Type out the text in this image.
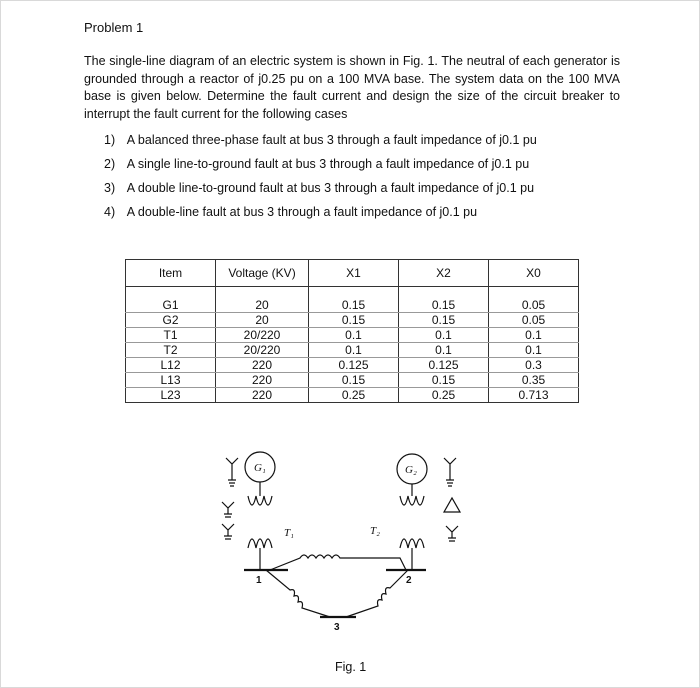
Problem 1
The single-line diagram of an electric system is shown in Fig. 1. The neutral of each generator is grounded through a reactor of j0.25 pu on a 100 MVA base. The system data on the 100 MVA base is given below. Determine the fault current and design the size of the circuit breaker to interrupt the fault current for the following cases
1) A balanced three-phase fault at bus 3 through a fault impedance of j0.1 pu
2) A single line-to-ground fault at bus 3 through a fault impedance of j0.1 pu
3) A double line-to-ground fault at bus 3 through a fault impedance of j0.1 pu
4) A double-line fault at bus 3 through a fault impedance of j0.1 pu
Item	Voltage (KV)	X1	X2	X0

G1	20	0.15	0.15	0.05
G2	20	0.15	0.15	0.05
T1	20/220	0.1	0.1	0.1
T2	20/220	0.1	0.1	0.1
L12	220	0.125	0.125	0.3
L13	220	0.15	0.15	0.35
L23	220	0.25	0.25	0.713
G₁	G₂
T₁	T₂
1	2
3
Fig. 1
